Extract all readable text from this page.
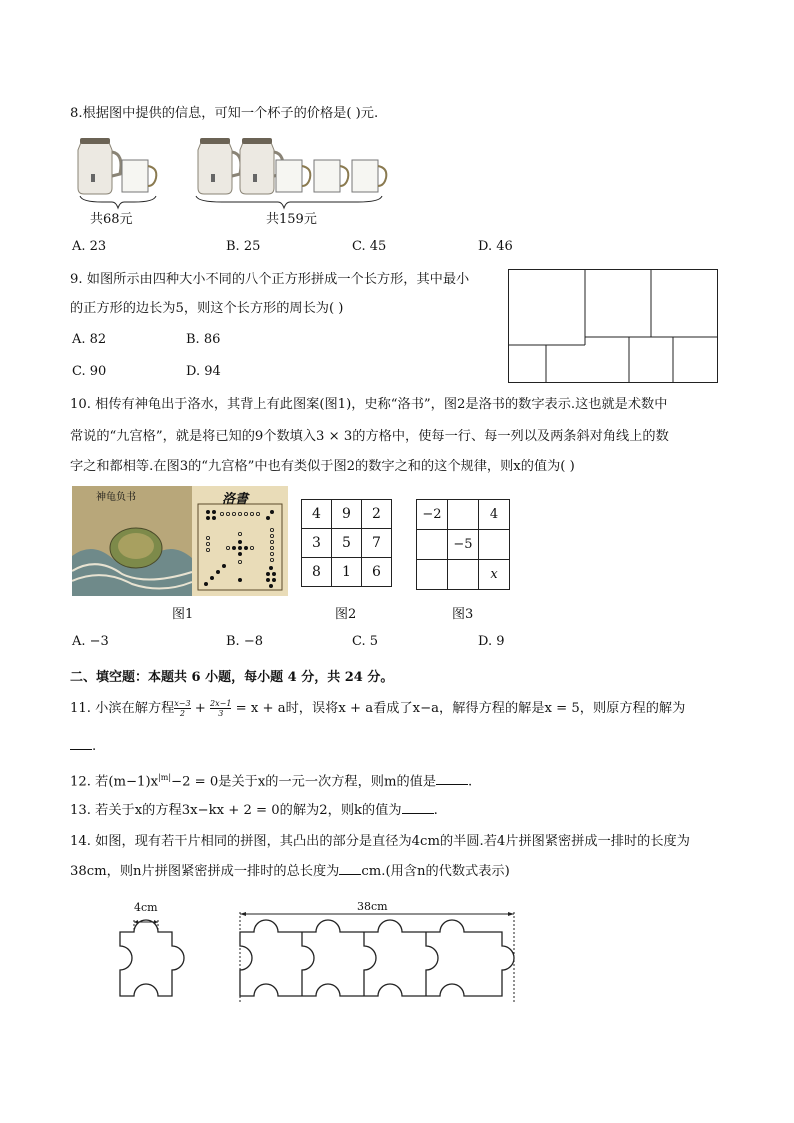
8.根据图中提供的信息，可知一个杯子的价格是( )元.
共68元	共159元
A. 23	B. 25	C. 45	D. 46
9. 如图所示由四种大小不同的八个正方形拼成一个长方形，其中最小
的正方形的边长为5，则这个长方形的周长为( )
A. 82	B. 86
C. 90	D. 94
10. 相传有神龟出于洛水，其背上有此图案(图1)，史称“洛书”，图2是洛书的数字表示.这也就是术数中
常说的“九宫格”，就是将已知的9个数填入3 × 3的方格中，使每一行、每一列以及两条斜对角线上的数
字之和都相等.在图3的“九宫格”中也有类似于图2的数字之和的这个规律，则x的值为( )
神龟负书	洛書
4	9	2
3	5	7
8	1	6
−2		4
	−5	
		x
图1	图2	图3
A. −3	B. −8	C. 5	D. 9
二、填空题：本题共 6 小题，每小题 4 分，共 24 分。
11. 小滨在解方程 $\frac{x-3}{2} + \frac{2x-1}{3} = x + a$时，误将x + a看成了x−a，解得方程的解是x = 5，则原方程的解为
.
12. 若$(m-1)x^{|m|}-2 = 0$是关于x的一元一次方程，则m的值是 .
13. 若关于x的方程3x−kx + 2 = 0的解为2，则k的值为 .
14. 如图，现有若干片相同的拼图，其凸出的部分是直径为4cm的半圆.若4片拼图紧密拼成一排时的长度为
38cm，则n片拼图紧密拼成一排时的总长度为 cm.(用含n的代数式表示)
4cm	38cm
